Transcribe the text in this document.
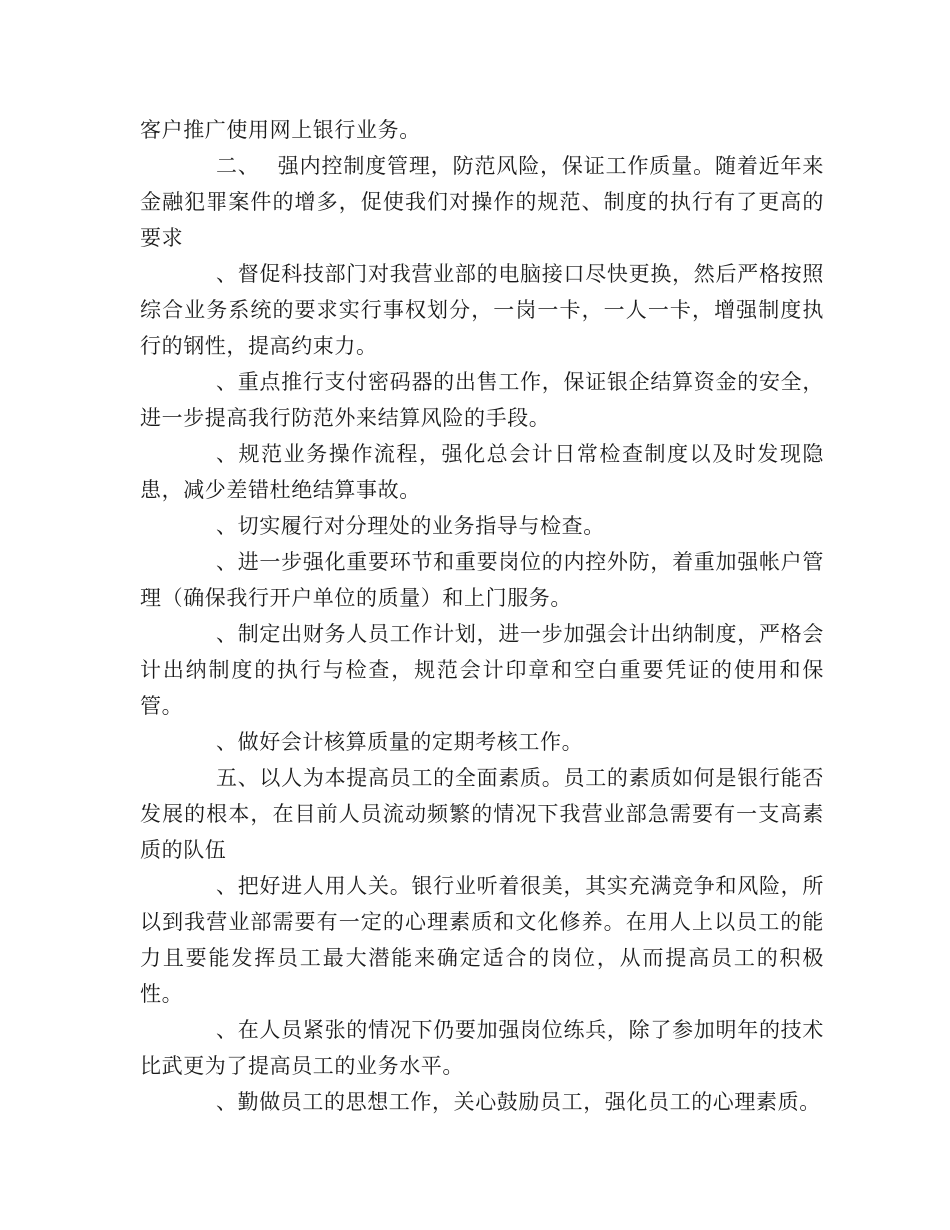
客户推广使用网上银行业务。

二、 强内控制度管理，防范风险，保证工作质量。随着近年来金融犯罪案件的增多，促使我们对操作的规范、制度的执行有了更高的要求

、督促科技部门对我营业部的电脑接口尽快更换，然后严格按照综合业务系统的要求实行事权划分，一岗一卡，一人一卡，增强制度执行的钢性，提高约束力。

、重点推行支付密码器的出售工作，保证银企结算资金的安全，进一步提高我行防范外来结算风险的手段。

、规范业务操作流程，强化总会计日常检查制度以及时发现隐患，减少差错杜绝结算事故。

、切实履行对分理处的业务指导与检查。

、进一步强化重要环节和重要岗位的内控外防，着重加强帐户管理（确保我行开户单位的质量）和上门服务。

、制定出财务人员工作计划，进一步加强会计出纳制度，严格会计出纳制度的执行与检查，规范会计印章和空白重要凭证的使用和保管。

、做好会计核算质量的定期考核工作。

五、以人为本提高员工的全面素质。员工的素质如何是银行能否发展的根本，在目前人员流动频繁的情况下我营业部急需要有一支高素质的队伍

、把好进人用人关。银行业听着很美，其实充满竞争和风险，所以到我营业部需要有一定的心理素质和文化修养。在用人上以员工的能力且要能发挥员工最大潜能来确定适合的岗位，从而提高员工的积极性。

、在人员紧张的情况下仍要加强岗位练兵，除了参加明年的技术比武更为了提高员工的业务水平。

、勤做员工的思想工作，关心鼓励员工，强化员工的心理素质。
